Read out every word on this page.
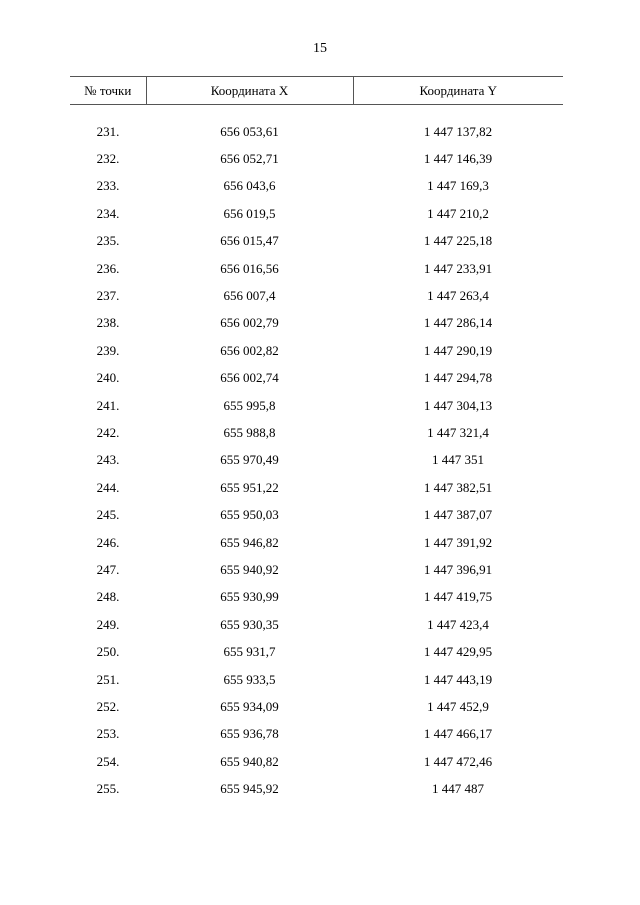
15
№ точки	Координата X	Координата Y

231.	656 053,61	1 447 137,82
232.	656 052,71	1 447 146,39
233.	656 043,6	1 447 169,3
234.	656 019,5	1 447 210,2
235.	656 015,47	1 447 225,18
236.	656 016,56	1 447 233,91
237.	656 007,4	1 447 263,4
238.	656 002,79	1 447 286,14
239.	656 002,82	1 447 290,19
240.	656 002,74	1 447 294,78
241.	655 995,8	1 447 304,13
242.	655 988,8	1 447 321,4
243.	655 970,49	1 447 351
244.	655 951,22	1 447 382,51
245.	655 950,03	1 447 387,07
246.	655 946,82	1 447 391,92
247.	655 940,92	1 447 396,91
248.	655 930,99	1 447 419,75
249.	655 930,35	1 447 423,4
250.	655 931,7	1 447 429,95
251.	655 933,5	1 447 443,19
252.	655 934,09	1 447 452,9
253.	655 936,78	1 447 466,17
254.	655 940,82	1 447 472,46
255.	655 945,92	1 447 487
